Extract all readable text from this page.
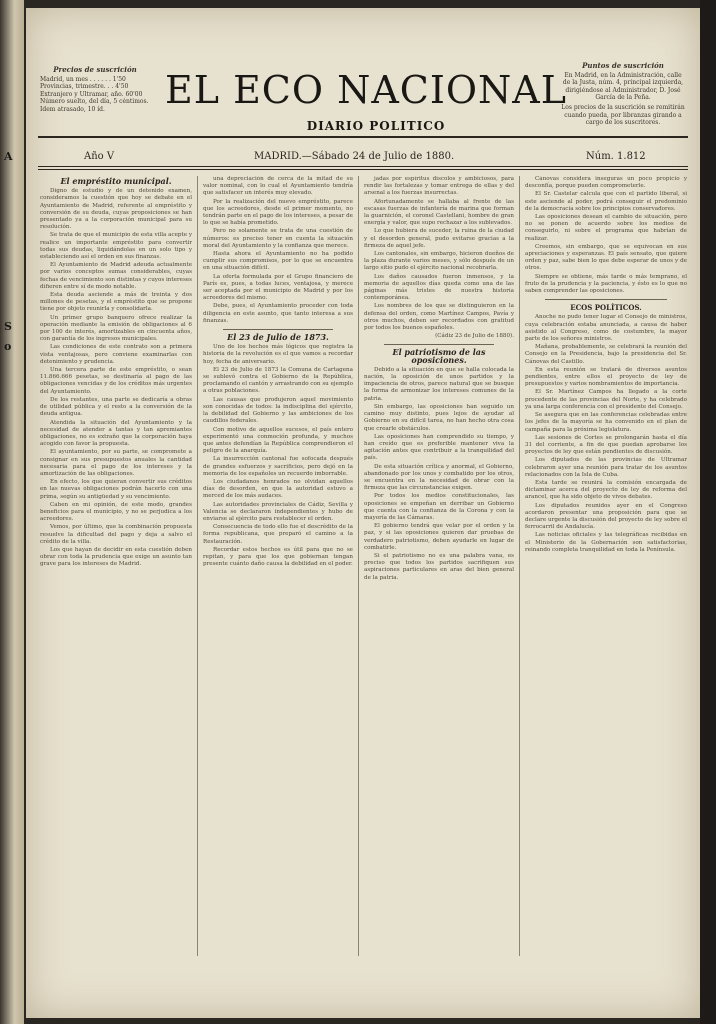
A
S
o
Precios de suscrición
Madrid, un mes . . . . . . 1'50
Provincias, trimestre. . . 4'50
Extranjero y Ultramar, año. 60'00
Número suelto, del día, 5 céntimos.
Idem atrasado, 10 íd.	EL ECO NACIONAL
DIARIO POLITICO
Puntos de suscrición
En Madrid, en la Administración, calle de la Justa, núm. 4, principal izquierda, dirigiéndose al Administrador, D. José García de la Peña.
Los precios de la suscrición se remitirán cuando pueda, por libranzas girando a cargo de los suscritores.
Año V	MADRID.—Sábado 24 de Julio de 1880.	Núm. 1.812
El empréstito municipal.

Digno de estudio y de un detenido examen, consideramos la cuestión que hoy se debate en el Ayuntamiento de Madrid, referente al empréstito y conversión de su deuda, cuyas proposiciones se han presentado ya a la corporación municipal para su resolución.

Se trata de que el municipio de esta villa acepte y realice un importante empréstito para convertir todas sus deudas, liquidándolas en un solo tipo y estableciendo así el orden en sus finanzas.

El Ayuntamiento de Madrid adeuda actualmente por varios conceptos sumas considerables, cuyas fechas de vencimiento son distintas y cuyos intereses difieren entre sí de modo notable.

Esta deuda asciende a más de treinta y dos millones de pesetas, y el empréstito que se propone tiene por objeto reunirla y consolidarla.

Un primer grupo banquero ofrece realizar la operación mediante la emisión de obligaciones al 6 por 100 de interés, amortizables en cincuenta años, con garantía de los ingresos municipales.

Las condiciones de este contrato son a primera vista ventajosas, pero conviene examinarlas con detenimiento y prudencia.

Una tercera parte de este empréstito, o sean 11.866.666 pesetas, se destinaría al pago de las obligaciones vencidas y de los créditos más urgentes del Ayuntamiento.

De los restantes, una parte se dedicaría a obras de utilidad pública y el resto a la conversión de la deuda antigua.

Atendida la situación del Ayuntamiento y la necesidad de atender a tantas y tan apremiantes obligaciones, no es extraño que la corporación haya acogido con favor la propuesta.

El ayuntamiento, por su parte, se compromete a consignar en sus presupuestos anuales la cantidad necesaria para el pago de los intereses y la amortización de las obligaciones.

En efecto, los que quieran convertir sus créditos en las nuevas obligaciones podrán hacerlo con una prima, según su antigüedad y su vencimiento.

Caben en mi opinión, de este modo, grandes beneficios para el municipio, y no se perjudica a los acreedores.

Vemos, por último, que la combinación propuesta resuelve la dificultad del pago y deja a salvo el crédito de la villa.

Los que hayan de decidir en esta cuestión deben obrar con toda la prudencia que exige un asunto tan grave para los intereses de Madrid.

una depreciación de cerca de la mitad de su valor nominal, con lo cual el Ayuntamiento tendría que satisfacer un interés muy elevado.

Por la realización del nuevo empréstito, parece que los acreedores, desde el primer momento, no tendrán parte en el pago de los intereses, a pesar de lo que se había prometido.

Pero no solamente se trata de una cuestión de números: es preciso tener en cuenta la situación moral del Ayuntamiento y la confianza que merece.

Hasta ahora el Ayuntamiento no ha podido cumplir sus compromisos, por lo que se encuentra en una situación difícil.

La oferta formulada por el Grupo financiero de París es, pues, a todas luces, ventajosa, y merece ser aceptada por el municipio de Madrid y por los acreedores del mismo.

Debe, pues, el Ayuntamiento proceder con toda diligencia en este asunto, que tanto interesa a sus finanzas.

El 23 de Julio de 1873.

Uno de los hechos más lógicos que registra la historia de la revolución es el que vamos a recordar hoy, fecha de aniversario.

El 23 de Julio de 1873 la Comuna de Cartagena se sublevó contra el Gobierno de la República, proclamando el cantón y arrastrando con su ejemplo a otras poblaciones.

Las causas que produjeron aquel movimiento son conocidas de todos: la indisciplina del ejército, la debilidad del Gobierno y las ambiciones de los caudillos federales.

Con motivo de aquellos sucesos, el país entero experimentó una conmoción profunda, y muchos que antes defendían la República comprendieron el peligro de la anarquía.

La insurrección cantonal fue sofocada después de grandes esfuerzos y sacrificios, pero dejó en la memoria de los españoles un recuerdo imborrable.

Los ciudadanos honrados no olvidan aquellos días de desorden, en que la autoridad estuvo a merced de los más audaces.

Las autoridades provinciales de Cádiz, Sevilla y Valencia se declararon independientes y hubo de enviarse al ejército para restablecer el orden.

Consecuencia de todo ello fue el descrédito de la forma republicana, que preparó el camino a la Restauración.

Recordar estos hechos es útil para que no se repitan, y para que los que gobiernan tengan presente cuánto daño causa la debilidad en el poder.

jadas por espíritus díscolos y ambiciosos, para rendir las fortalezas y tomar entrega de ellas y del arsenal a los fuerzas insurrectas.

Afortunadamente se hallaba al frente de las escasas fuerzas de infantería de marina que forman la guarnición, el coronel Castellani, hombre de gran energía y valor, que supo rechazar a los sublevados.

Lo que hubiera de suceder, la ruina de la ciudad y el desorden general, pudo evitarse gracias a la firmeza de aquel jefe.

Los cantonales, sin embargo, hicieron dueños de la plaza durante varios meses, y sólo después de un largo sitio pudo el ejército nacional recobrarla.

Los daños causados fueron inmensos, y la memoria de aquellos días queda como una de las páginas más tristes de nuestra historia contemporánea.

Los nombres de los que se distinguieron en la defensa del orden, como Martínez Campos, Pavía y otros muchos, deben ser recordados con gratitud por todos los buenos españoles.

(Cádiz 23 de Julio de 1880).
El patriotismo de las oposiciones.

Debido a la situación en que se halla colocada la nación, la oposición de unos partidos y la impaciencia de otros, parece natural que se busque la forma de armonizar los intereses comunes de la patria.

Sin embargo, las oposiciones han seguido un camino muy distinto, pues lejos de ayudar al Gobierno en su difícil tarea, no han hecho otra cosa que crearle obstáculos.

Las oposiciones han comprendido su tiempo, y han creído que es preferible mantener viva la agitación antes que contribuir a la tranquilidad del país.

De esta situación crítica y anormal, el Gobierno, abandonado por los unos y combatido por los otros, se encuentra en la necesidad de obrar con la firmeza que las circunstancias exigen.

Por todos los medios constitucionales, las oposiciones se empeñan en derribar un Gobierno que cuenta con la confianza de la Corona y con la mayoría de las Cámaras.

El gobierno tendrá que velar por el orden y la paz, y si las oposiciones quieren dar pruebas de verdadero patriotismo, deben ayudarle en lugar de combatirle.

Si el patriotismo no es una palabra vana, es preciso que todos los partidos sacrifiquen sus aspiraciones particulares en aras del bien general de la patria.

Cánovas considera inseguras un poco propicio y desconfía, porque pueden comprometerle.

El Sr. Castelar calcula que con el partido liberal, si este asciende al poder, podrá conseguir el predominio de la democracia sobre los principios conservadores.

Las oposiciones desean el cambio de situación, pero no se ponen de acuerdo sobre los medios de conseguirlo, ni sobre el programa que habrían de realizar.

Creemos, sin embargo, que se equivocan en sus apreciaciones y esperanzas. El país sensato, que quiere orden y paz, sabe bien lo que debe esperar de unos y de otros.

Siempre se obtiene, más tarde o más temprano, el fruto de la prudencia y la paciencia, y ésto es lo que no saben comprender las oposiciones.

ECOS POLÍTICOS.

Anoche no pudo tener lugar el Consejo de ministros, cuya celebración estaba anunciada, a causa de haber asistido al Congreso, como de costumbre, la mayor parte de los señores ministros.

Mañana, probablemente, se celebrará la reunión del Consejo en la Presidencia, bajo la presidencia del Sr. Cánovas del Castillo.

En esta reunión se tratará de diversos asuntos pendientes, entre ellos el proyecto de ley de presupuestos y varios nombramientos de importancia.

El Sr. Martínez Campos ha llegado a la corte procedente de las provincias del Norte, y ha celebrado ya una larga conferencia con el presidente del Consejo.

Se asegura que en las conferencias celebradas entre los jefes de la mayoría se ha convenido en el plan de campaña para la próxima legislatura.

Las sesiones de Cortes se prolongarán hasta el día 31 del corriente, a fin de que puedan aprobarse los proyectos de ley que están pendientes de discusión.

Los diputados de las provincias de Ultramar celebraron ayer una reunión para tratar de los asuntos relacionados con la Isla de Cuba.

Esta tarde se reunirá la comisión encargada de dictaminar acerca del proyecto de ley de reforma del arancel, que ha sido objeto de vivos debates.

Los diputados reunidos ayer en el Congreso acordaron presentar una proposición para que se declare urgente la discusión del proyecto de ley sobre el ferrocarril de Andalucía.

Las noticias oficiales y las telegráficas recibidas en el Ministerio de la Gobernación son satisfactorias, reinando completa tranquilidad en toda la Península.
